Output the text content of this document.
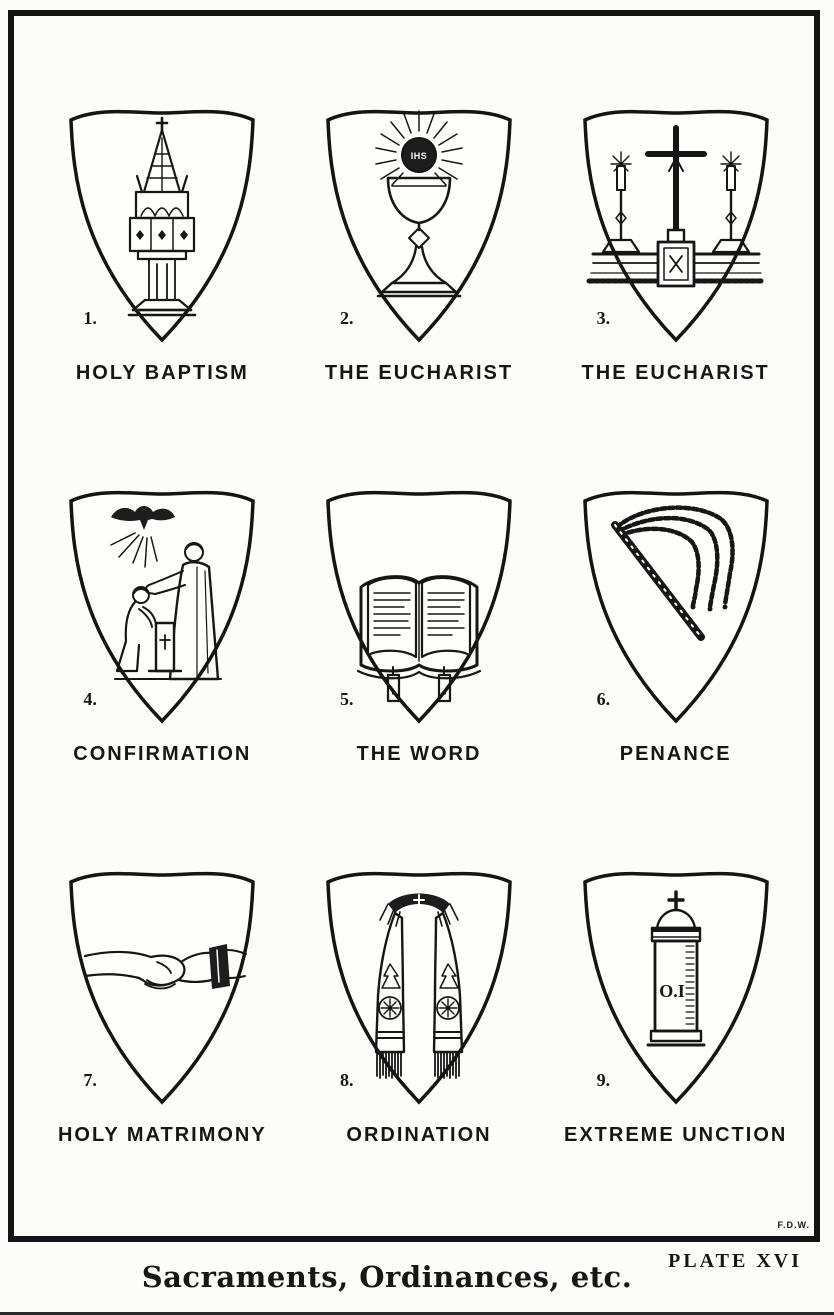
1.
HOLY BAPTISM
IHS
2.
THE EUCHARIST
3.
THE EUCHARIST
4.
CONFIRMATION
5.
THE WORD
6.
PENANCE
7.
HOLY MATRIMONY
8.
ORDINATION
O.I
9.
EXTREME UNCTION
F.D.W.
Sacraments, Ordinances, etc.	PLATE XVI
